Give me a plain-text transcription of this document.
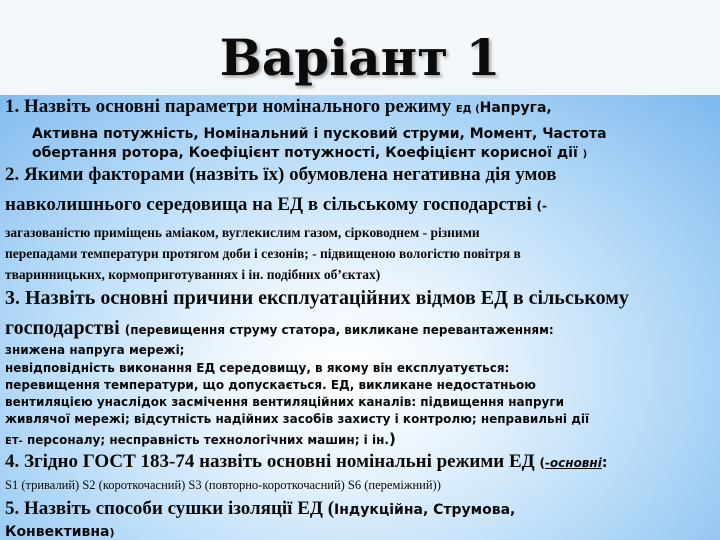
Варіант 1
1. Назвіть основні параметри номінального режиму ЕД (Напруга,
Активна потужність, Номінальний і пусковий струми, Момент, Частота
обертання ротора, Коефіцієнт потужності, Коефіцієнт корисної дії )
2. Якими факторами (назвіть їх) обумовлена негативна дія умов
навколишнього середовища на ЕД в сільському господарстві (-
загазованістю приміщень аміаком, вуглекислим газом, сірководнем - різними
перепадами температури протягом доби і сезонів; - підвищеною вологістю повітря в
тваринницьких, кормоприготуваннях і ін. подібних об’єктах)
3. Назвіть основні причини експлуатаційних відмов ЕД в сільському
господарстві (перевищення струму статора, викликане перевантаженням:
знижена напруга мережі;
невідповідність виконання ЕД середовищу, в якому він експлуатується:
перевищення температури, що допускається. ЕД, викликане недостатньою
вентиляцією унаслідок засмічення вентиляційних каналів: підвищення напруги
живлячої мережі; відсутність надійних засобів захисту і контролю; неправильні дії
ЕТ- персоналу; несправність технологічних машин; і ін.)
4. Згідно ГОСТ 183-74 назвіть основні номінальні режими ЕД (-основні:
S1 (тривалий) S2 (короткочасний) S3 (повторно-короткочасний) S6 (переміжний))
5. Назвіть способи сушки ізоляції ЕД (Індукційна, Струмова,
Конвективна)
